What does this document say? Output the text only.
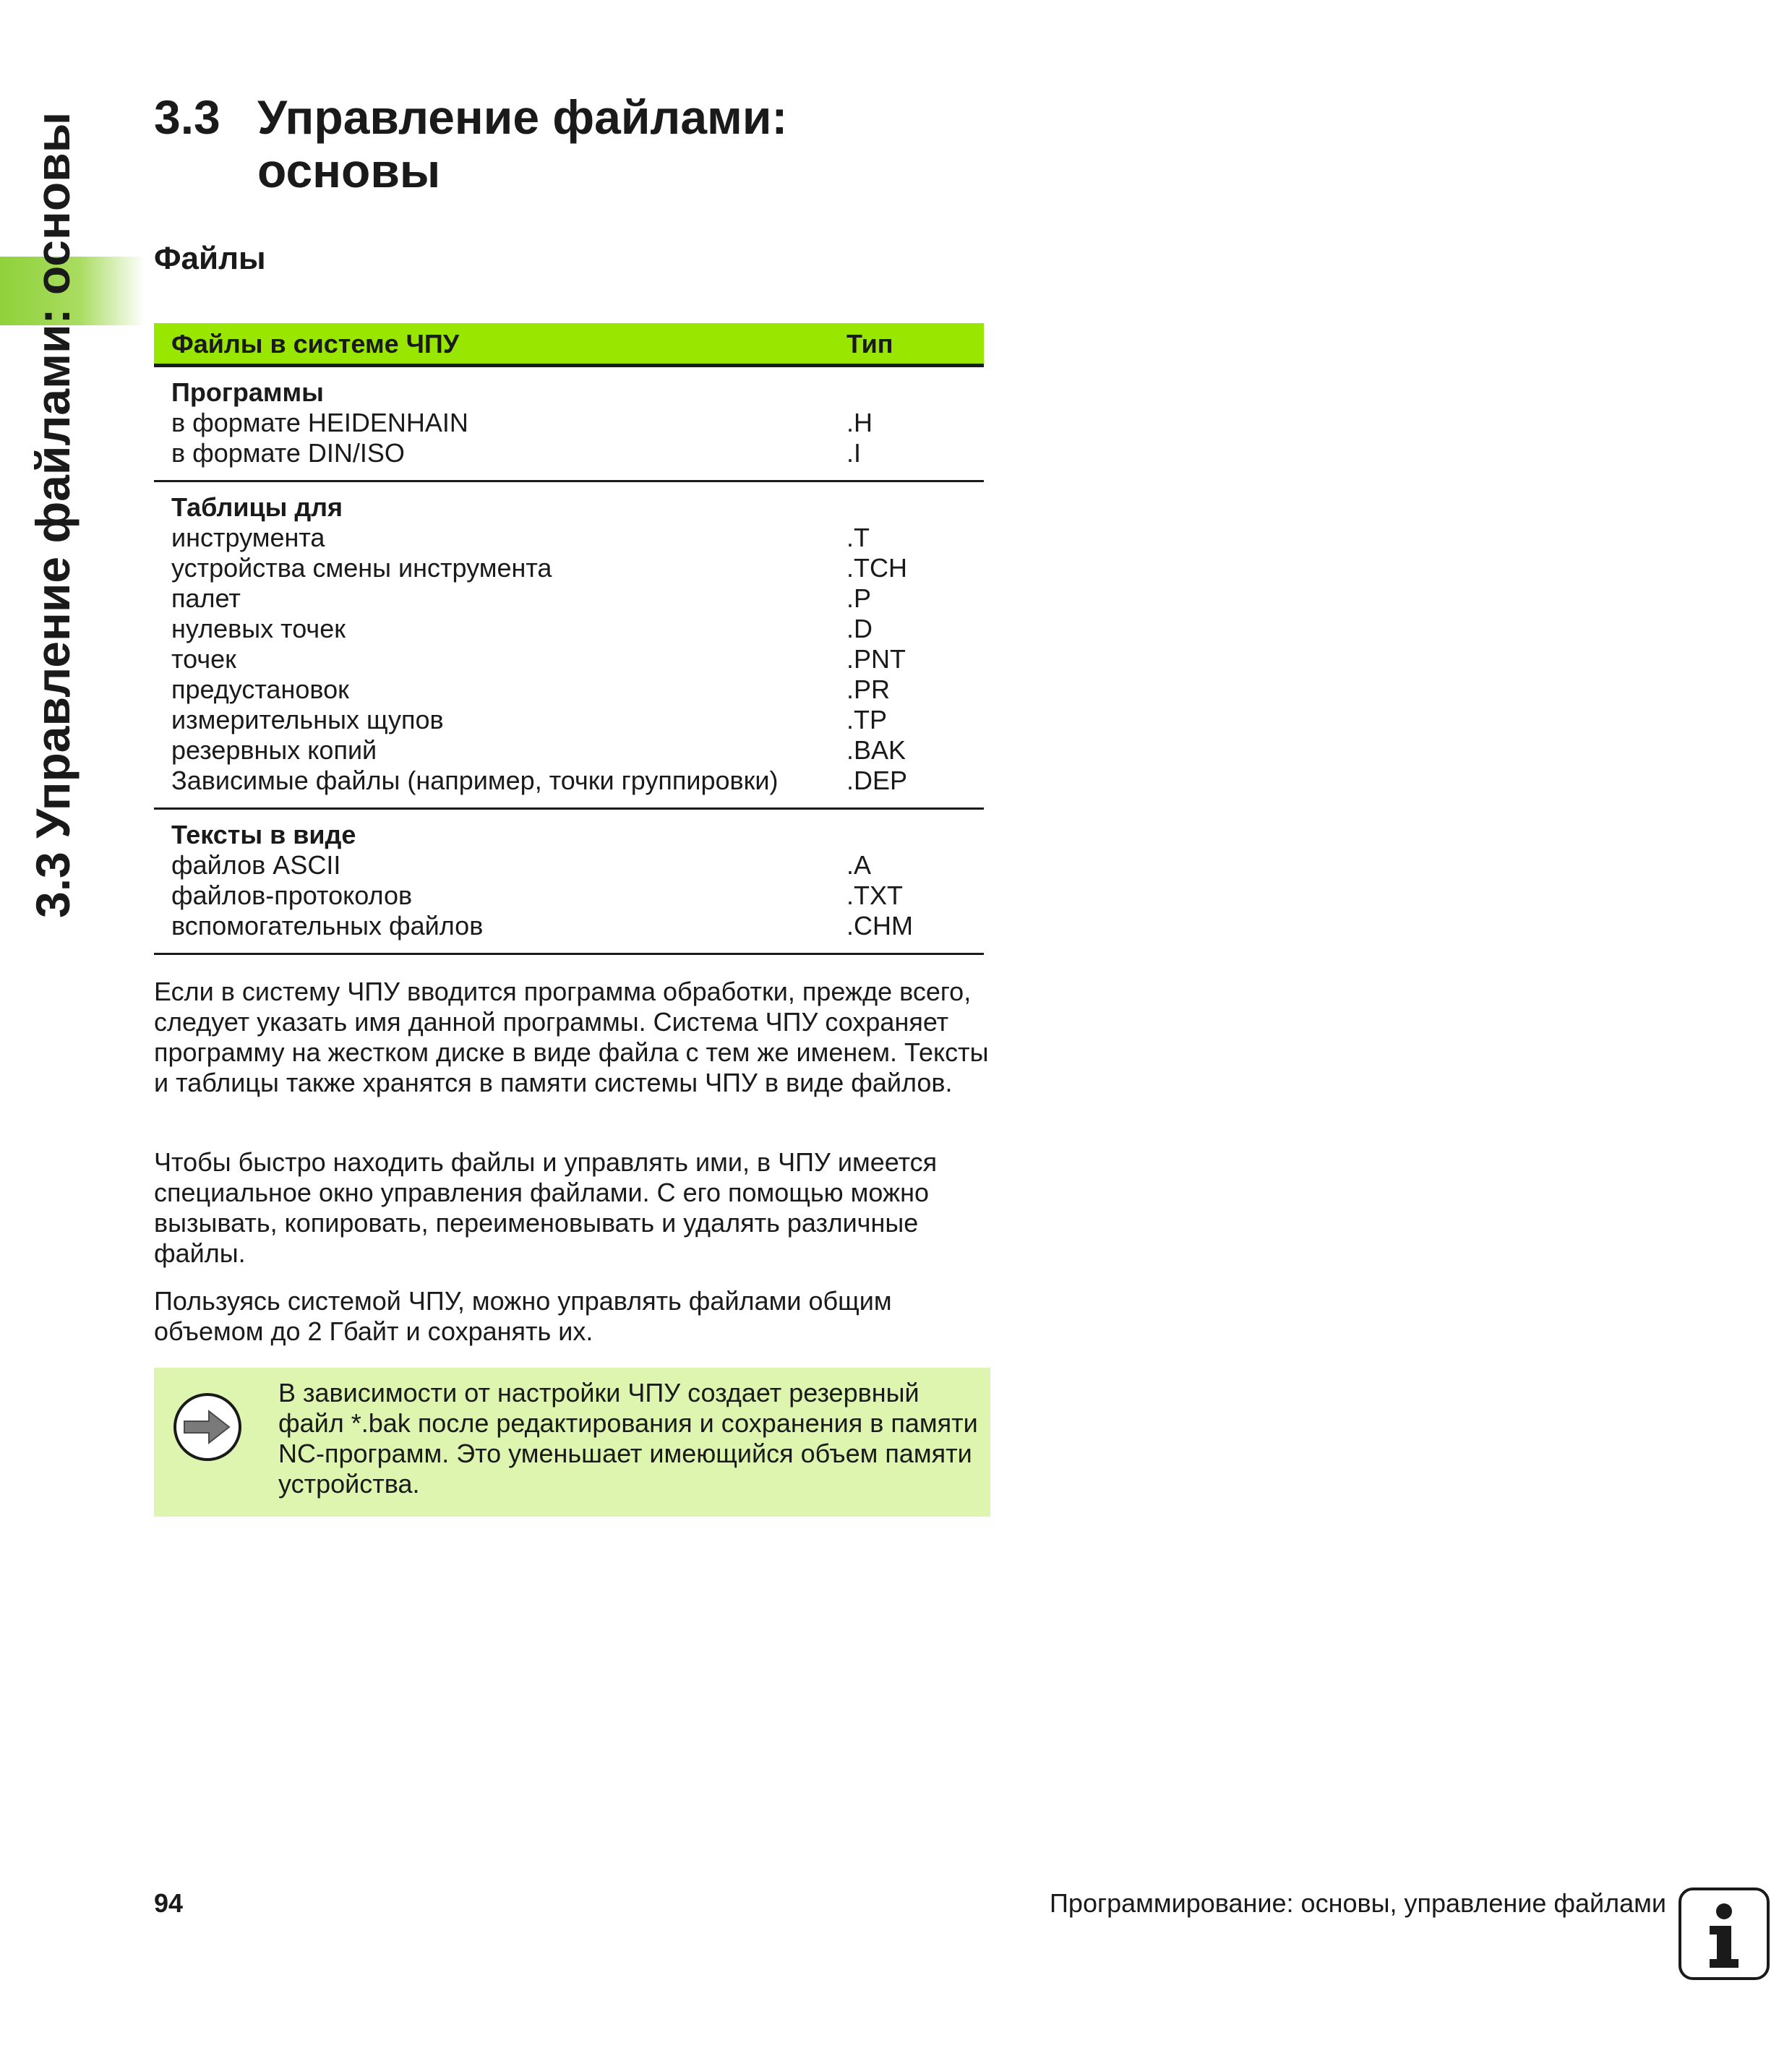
3.3 Управление файлами: основы 3.3 Управление файлами:
основы
Файлы
Файлы в системе ЧПУ	Тип
Программы
в формате HEIDENHAIN	.H
в формате DIN/ISO	.I
Таблицы для
инструмента	.T
устройства смены инструмента	.TCH
палет	.P
нулевых точек	.D
точек	.PNT
предустановок	.PR
измерительных щупов	.TP
резервных копий	.BAK
Зависимые файлы (например, точки группировки)	.DEP
Тексты в виде
файлов ASCII	.A
файлов-протоколов	.TXT
вспомогательных файлов	.CHM

Если в систему ЧПУ вводится программа обработки, прежде всего, следует указать имя данной программы. Система ЧПУ сохраняет программу на жестком диске в виде файла с тем же именем. Тексты и таблицы также хранятся в памяти системы ЧПУ в виде файлов.

Чтобы быстро находить файлы и управлять ими, в ЧПУ имеется специальное окно управления файлами. С его помощью можно вызывать, копировать, переименовывать и удалять различные файлы.

Пользуясь системой ЧПУ, можно управлять файлами общим объемом до 2 Гбайт и сохранять их.

В зависимости от настройки ЧПУ создает резервный файл *.bak после редактирования и сохранения в памяти NC-программ. Это уменьшает имеющийся объем памяти устройства.
94	Программирование: основы, управление файлами
